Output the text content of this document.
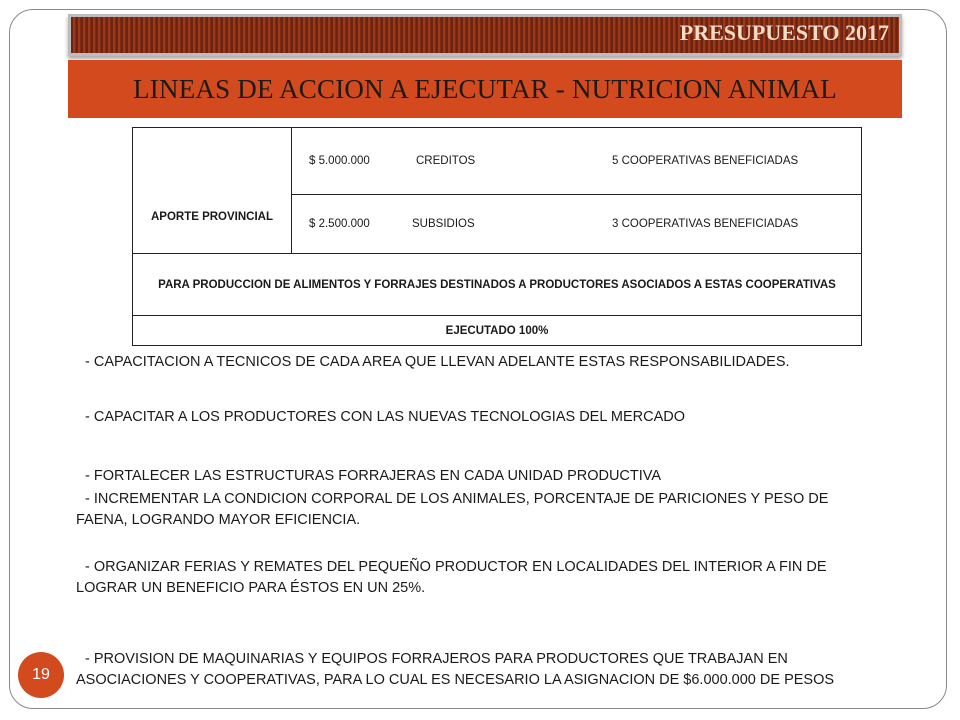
PRESUPUESTO 2017
LINEAS DE ACCION A EJECUTAR - NUTRICION ANIMAL
APORTE PROVINCIAL	
$ 5.000.000	CREDITOS	5 COOPERATIVAS BENEFICIADAS

$ 2.500.000	SUBSIDIOS	3 COOPERATIVAS BENEFICIADAS

PARA PRODUCCION DE ALIMENTOS Y FORRAJES DESTINADOS A PRODUCTORES ASOCIADOS A ESTAS COOPERATIVAS
EJECUTADO 100%
- CAPACITACION A TECNICOS DE CADA AREA QUE LLEVAN ADELANTE ESTAS RESPONSABILIDADES.
- CAPACITAR A LOS PRODUCTORES CON LAS NUEVAS TECNOLOGIAS DEL MERCADO
- FORTALECER LAS ESTRUCTURAS FORRAJERAS EN CADA UNIDAD PRODUCTIVA
- INCREMENTAR LA CONDICION CORPORAL DE LOS ANIMALES, PORCENTAJE DE PARICIONES Y PESO DE FAENA, LOGRANDO MAYOR EFICIENCIA.
- ORGANIZAR FERIAS Y REMATES DEL PEQUEÑO PRODUCTOR EN LOCALIDADES DEL INTERIOR A FIN DE LOGRAR UN BENEFICIO PARA ÉSTOS EN UN 25%.
- PROVISION DE MAQUINARIAS Y EQUIPOS FORRAJEROS PARA PRODUCTORES QUE TRABAJAN EN ASOCIACIONES Y COOPERATIVAS, PARA LO CUAL ES NECESARIO LA ASIGNACION DE $6.000.000 DE PESOS
19
